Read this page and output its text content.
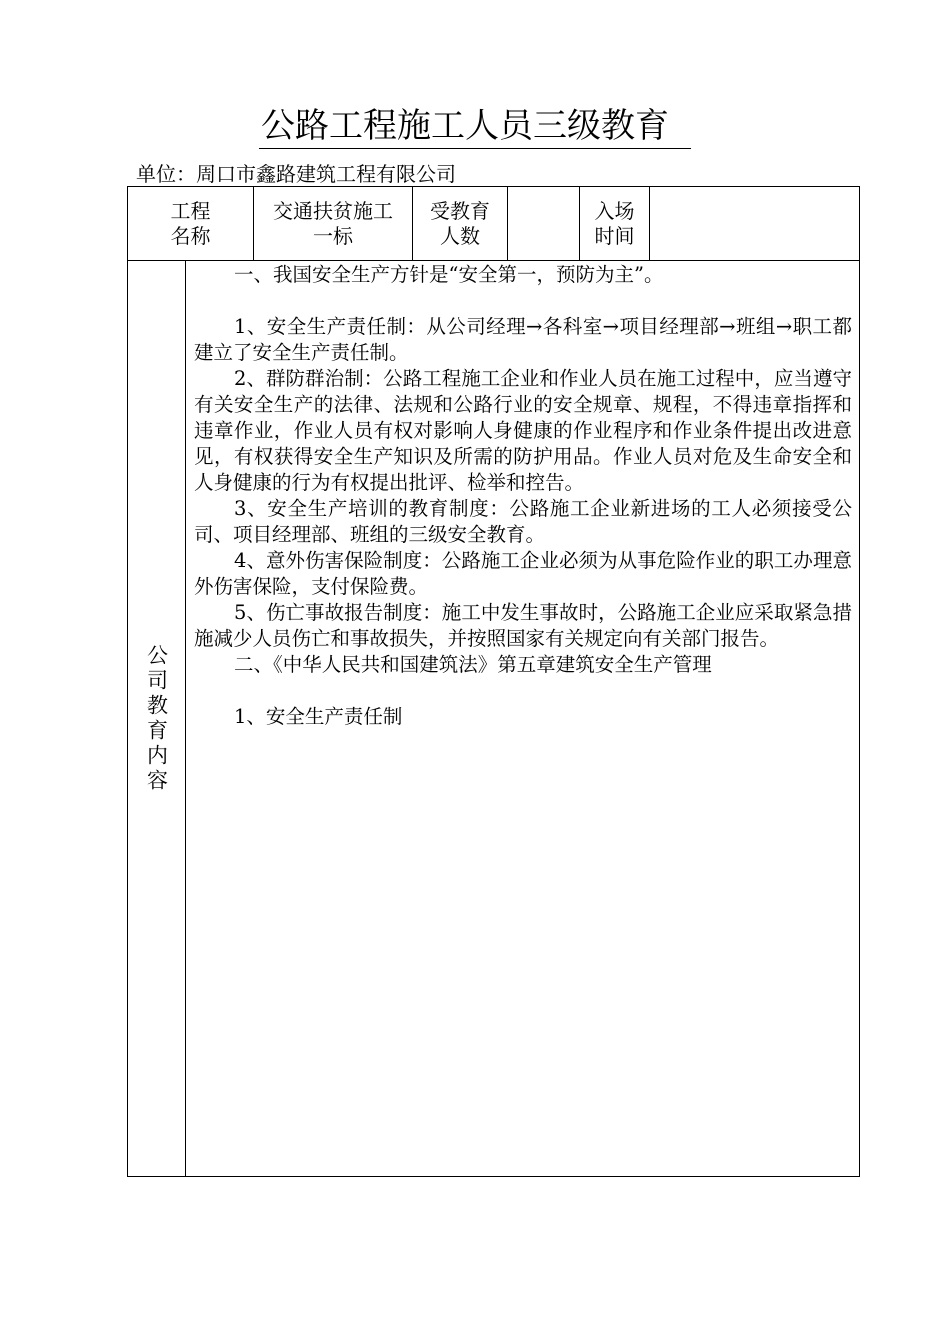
公路工程施工人员三级教育
单位：周口市鑫路建筑工程有限公司
工程
名称
交通扶贫施工
一标
受教育
人数
入场
时间
公司教育内容

一、我国安全生产方针是“安全第一，预防为主”。

1、安全生产责任制：从公司经理→各科室→项目经理部→班组→职工都建立了安全生产责任制。

2、群防群治制：公路工程施工企业和作业人员在施工过程中，应当遵守有关安全生产的法律、法规和公路行业的安全规章、规程，不得违章指挥和违章作业，作业人员有权对影响人身健康的作业程序和作业条件提出改进意见，有权获得安全生产知识及所需的防护用品。作业人员对危及生命安全和人身健康的行为有权提出批评、检举和控告。

3、安全生产培训的教育制度：公路施工企业新进场的工人必须接受公司、项目经理部、班组的三级安全教育。

4、意外伤害保险制度：公路施工企业必须为从事危险作业的职工办理意外伤害保险，支付保险费。

5、伤亡事故报告制度：施工中发生事故时，公路施工企业应采取紧急措施减少人员伤亡和事故损失，并按照国家有关规定向有关部门报告。

二、《中华人民共和国建筑法》第五章建筑安全生产管理

1、安全生产责任制
